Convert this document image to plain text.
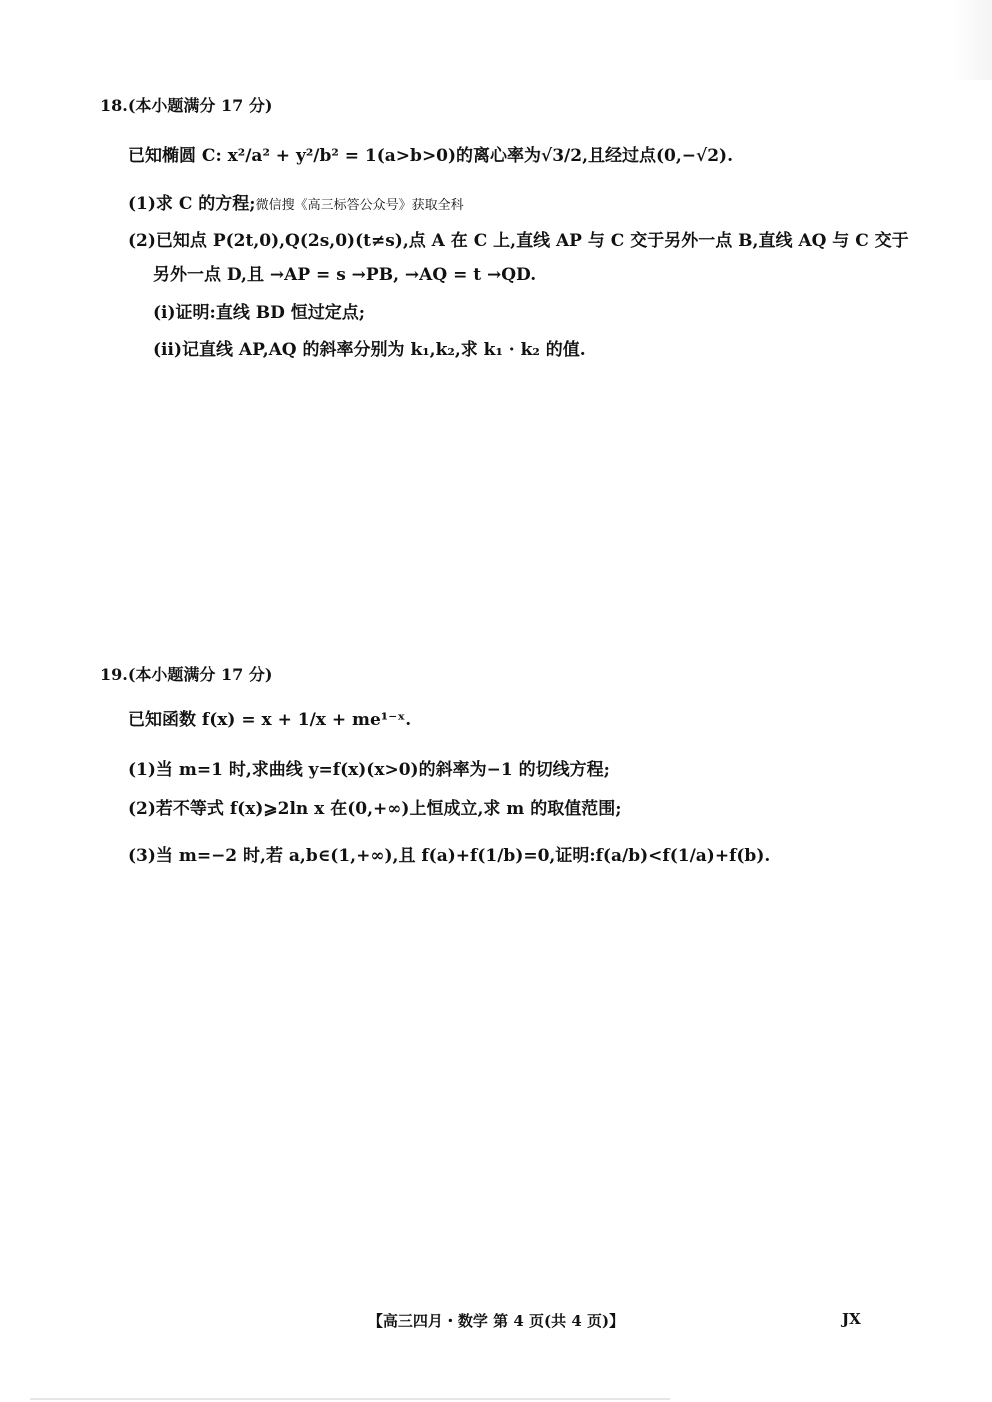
18.(本小题满分 17 分)
已知椭圆 C: x²/a² + y²/b² = 1(a>b>0)的离心率为√3/2,且经过点(0,−√2).
(1)求 C 的方程;微信搜《高三标答公众号》获取全科
(2)已知点 P(2t,0),Q(2s,0)(t≠s),点 A 在 C 上,直线 AP 与 C 交于另外一点 B,直线 AQ 与 C 交于
另外一点 D,且 →AP = s →PB, →AQ = t →QD.
(ⅰ)证明:直线 BD 恒过定点;
(ⅱ)记直线 AP,AQ 的斜率分别为 k₁,k₂,求 k₁ · k₂ 的值.
19.(本小题满分 17 分)
已知函数 f(x) = x + 1/x + me¹⁻ˣ.
(1)当 m=1 时,求曲线 y=f(x)(x>0)的斜率为−1 的切线方程;
(2)若不等式 f(x)⩾2ln x 在(0,+∞)上恒成立,求 m 的取值范围;
(3)当 m=−2 时,若 a,b∈(1,+∞),且 f(a)+f(1/b)=0,证明:f(a/b)<f(1/a)+f(b).
【高三四月・数学 第 4 页(共 4 页)】	JX
